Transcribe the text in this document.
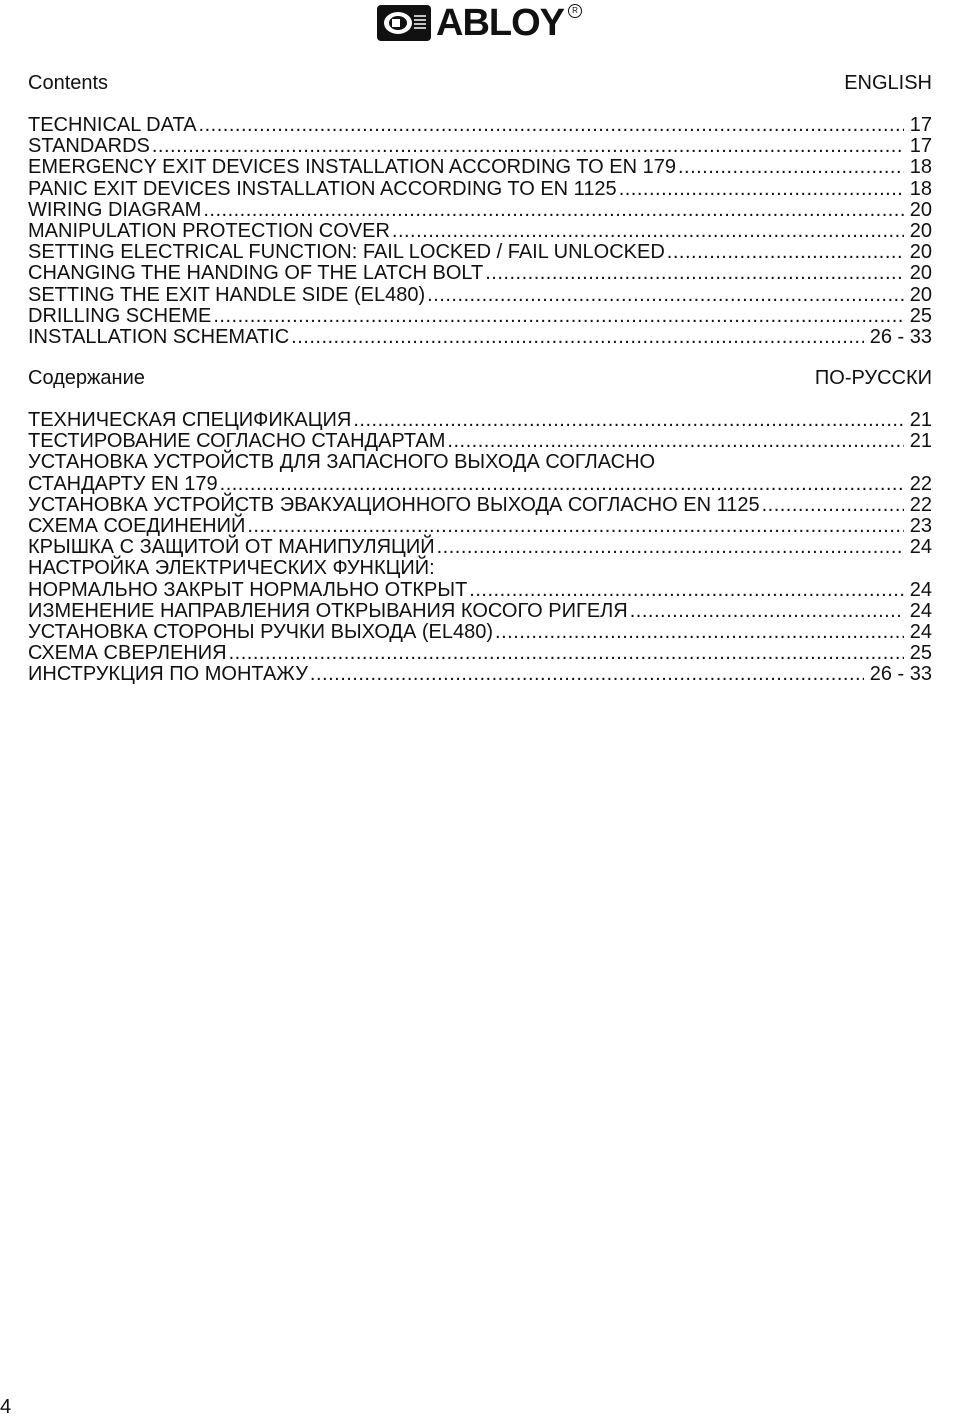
ABLOY	R
Contents	ENGLISH
TECHNICAL DATA .....	17
STANDARDS .....	17
EMERGENCY EXIT DEVICES INSTALLATION ACCORDING TO EN 179 .....	18
PANIC EXIT DEVICES INSTALLATION ACCORDING TO EN 1125 .....	18
WIRING DIAGRAM .....	20
MANIPULATION PROTECTION COVER .....	20
SETTING ELECTRICAL FUNCTION: FAIL LOCKED / FAIL UNLOCKED .....	20
CHANGING THE HANDING OF THE LATCH BOLT .....	20
SETTING THE EXIT HANDLE SIDE (EL480) .....	20
DRILLING SCHEME .....	25
INSTALLATION SCHEMATIC .....	26 - 33
Содержание	ПО-РУССКИ
ТЕХНИЧЕСКАЯ СПЕЦИФИКАЦИЯ .....	21
ТЕСТИРОВАНИЕ СОГЛАСНО СТАНДАРТАМ .....	21
УСТАНОВКА УСТРОЙСТВ ДЛЯ ЗАПАСНОГО ВЫХОДА СОГЛАСНО
СТАНДАРТУ EN 179 .....	22
УСТАНОВКА УСТРОЙСТВ ЭВАКУАЦИОННОГО ВЫХОДА СОГЛАСНО EN 1125 .....	22
СХЕМА СОЕДИНЕНИЙ .....	23
КРЫШКА С ЗАЩИТОЙ ОТ МАНИПУЛЯЦИЙ .....	24
НАСТРОЙКА ЭЛЕКТРИЧЕСКИХ ФУНКЦИЙ:
НОРМАЛЬНО ЗАКРЫТ НОРМАЛЬНО ОТКРЫТ .....	24
ИЗМЕНЕНИЕ НАПРАВЛЕНИЯ ОТКРЫВАНИЯ КОСОГО РИГЕЛЯ .....	24
УСТАНОВКА СТОРОНЫ РУЧКИ ВЫХОДА (EL480) .....	24
СХЕМА СВЕРЛЕНИЯ .....	25
ИНСТРУКЦИЯ ПО МОНТАЖУ .....	26 - 33
4
